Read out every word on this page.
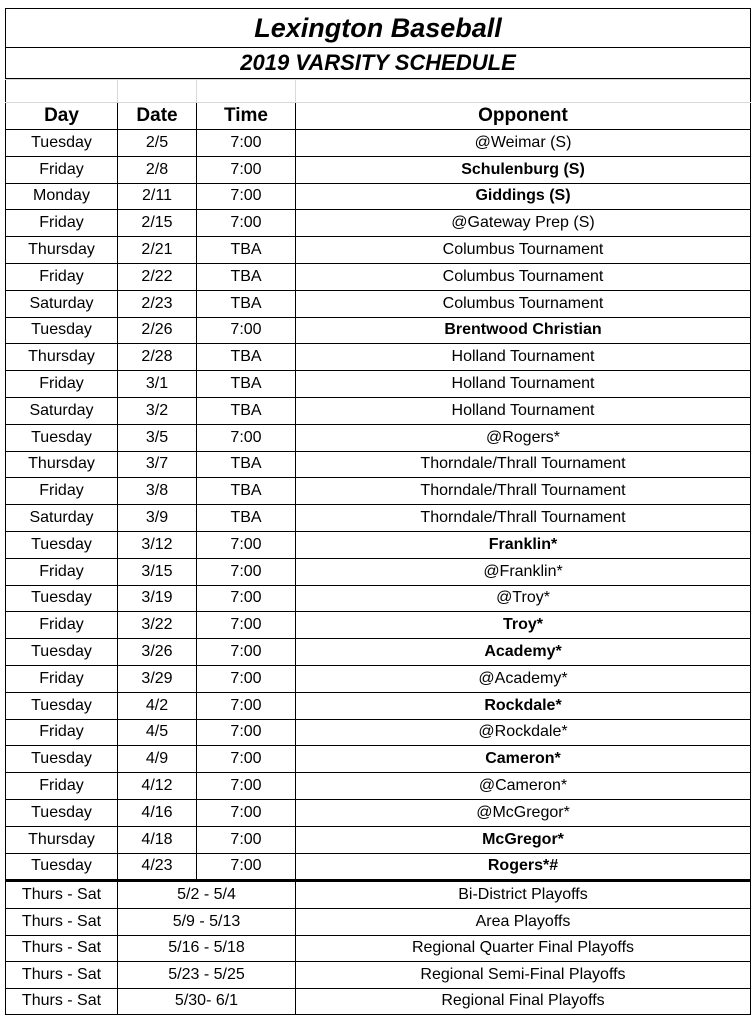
Lexington Baseball
2019 VARSITY SCHEDULE

Day	Date	Time	Opponent
Tuesday	2/5	7:00	@Weimar (S)
Friday	2/8	7:00	Schulenburg (S)
Monday	2/11	7:00	Giddings (S)
Friday	2/15	7:00	@Gateway Prep (S)
Thursday	2/21	TBA	Columbus Tournament
Friday	2/22	TBA	Columbus Tournament
Saturday	2/23	TBA	Columbus Tournament
Tuesday	2/26	7:00	Brentwood Christian
Thursday	2/28	TBA	Holland Tournament
Friday	3/1	TBA	Holland Tournament
Saturday	3/2	TBA	Holland Tournament
Tuesday	3/5	7:00	@Rogers*
Thursday	3/7	TBA	Thorndale/Thrall Tournament
Friday	3/8	TBA	Thorndale/Thrall Tournament
Saturday	3/9	TBA	Thorndale/Thrall Tournament
Tuesday	3/12	7:00	Franklin*
Friday	3/15	7:00	@Franklin*
Tuesday	3/19	7:00	@Troy*
Friday	3/22	7:00	Troy*
Tuesday	3/26	7:00	Academy*
Friday	3/29	7:00	@Academy*
Tuesday	4/2	7:00	Rockdale*
Friday	4/5	7:00	@Rockdale*
Tuesday	4/9	7:00	Cameron*
Friday	4/12	7:00	@Cameron*
Tuesday	4/16	7:00	@McGregor*
Thursday	4/18	7:00	McGregor*
Tuesday	4/23	7:00	Rogers*#
Thurs - Sat	5/2 - 5/4		Bi-District Playoffs
Thurs - Sat	5/9 - 5/13		Area Playoffs
Thurs - Sat	5/16 - 5/18		Regional Quarter Final Playoffs
Thurs - Sat	5/23 - 5/25		Regional Semi-Final Playoffs
Thurs - Sat	5/30- 6/1		Regional Final Playoffs
